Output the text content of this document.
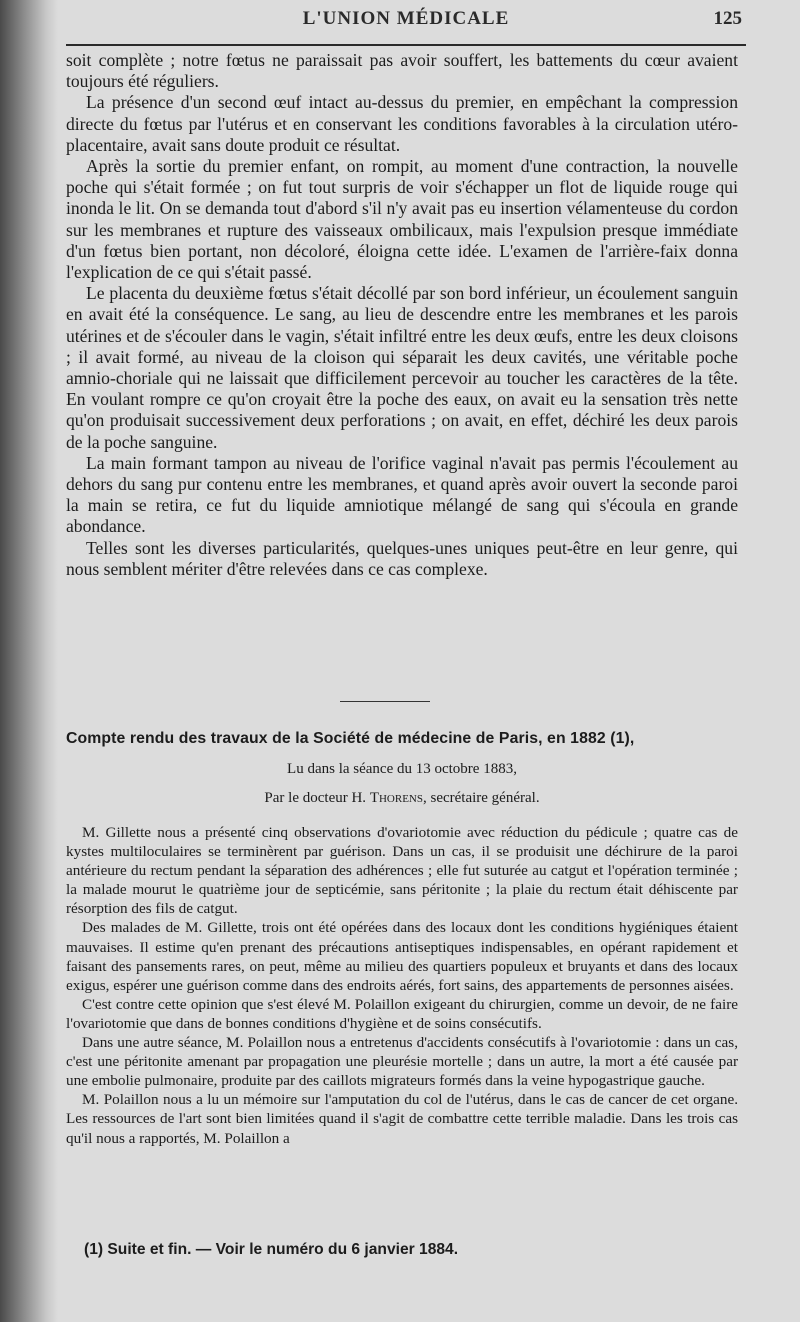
L'UNION MÉDICALE	125

soit complète ; notre fœtus ne paraissait pas avoir souffert, les battements du cœur avaient toujours été réguliers.

La présence d'un second œuf intact au-dessus du premier, en empêchant la compression directe du fœtus par l'utérus et en conservant les conditions favorables à la circulation utéro-placentaire, avait sans doute produit ce résultat.

Après la sortie du premier enfant, on rompit, au moment d'une contraction, la nouvelle poche qui s'était formée ; on fut tout surpris de voir s'échapper un flot de liquide rouge qui inonda le lit. On se demanda tout d'abord s'il n'y avait pas eu insertion vélamenteuse du cordon sur les membranes et rupture des vaisseaux ombilicaux, mais l'expulsion presque immédiate d'un fœtus bien portant, non décoloré, éloigna cette idée. L'examen de l'arrière-faix donna l'explication de ce qui s'était passé.

Le placenta du deuxième fœtus s'était décollé par son bord inférieur, un écoulement sanguin en avait été la conséquence. Le sang, au lieu de descendre entre les membranes et les parois utérines et de s'écouler dans le vagin, s'était infiltré entre les deux œufs, entre les deux cloisons ; il avait formé, au niveau de la cloison qui séparait les deux cavités, une véritable poche amnio-choriale qui ne laissait que difficilement percevoir au toucher les caractères de la tête. En voulant rompre ce qu'on croyait être la poche des eaux, on avait eu la sensation très nette qu'on produisait successivement deux perforations ; on avait, en effet, déchiré les deux parois de la poche sanguine.

La main formant tampon au niveau de l'orifice vaginal n'avait pas permis l'écoulement au dehors du sang pur contenu entre les membranes, et quand après avoir ouvert la seconde paroi la main se retira, ce fut du liquide amniotique mélangé de sang qui s'écoula en grande abondance.

Telles sont les diverses particularités, quelques-unes uniques peut-être en leur genre, qui nous semblent mériter d'être relevées dans ce cas complexe.

Compte rendu des travaux de la Société de médecine de Paris, en 1882 (1),
Lu dans la séance du 13 octobre 1883,
Par le docteur H. Thorens, secrétaire général.

M. Gillette nous a présenté cinq observations d'ovariotomie avec réduction du pédicule ; quatre cas de kystes multiloculaires se terminèrent par guérison. Dans un cas, il se produisit une déchirure de la paroi antérieure du rectum pendant la séparation des adhérences ; elle fut suturée au catgut et l'opération terminée ; la malade mourut le quatrième jour de septicémie, sans péritonite ; la plaie du rectum était déhiscente par résorption des fils de catgut.

Des malades de M. Gillette, trois ont été opérées dans des locaux dont les conditions hygiéniques étaient mauvaises. Il estime qu'en prenant des précautions antiseptiques indispensables, en opérant rapidement et faisant des pansements rares, on peut, même au milieu des quartiers populeux et bruyants et dans des locaux exigus, espérer une guérison comme dans des endroits aérés, fort sains, des appartements de personnes aisées.

C'est contre cette opinion que s'est élevé M. Polaillon exigeant du chirurgien, comme un devoir, de ne faire l'ovariotomie que dans de bonnes conditions d'hygiène et de soins consécutifs.

Dans une autre séance, M. Polaillon nous a entretenus d'accidents consécutifs à l'ovariotomie : dans un cas, c'est une péritonite amenant par propagation une pleurésie mortelle ; dans un autre, la mort a été causée par une embolie pulmonaire, produite par des caillots migrateurs formés dans la veine hypogastrique gauche.

M. Polaillon nous a lu un mémoire sur l'amputation du col de l'utérus, dans le cas de cancer de cet organe. Les ressources de l'art sont bien limitées quand il s'agit de combattre cette terrible maladie. Dans les trois cas qu'il nous a rapportés, M. Polaillon a

(1) Suite et fin. — Voir le numéro du 6 janvier 1884.
